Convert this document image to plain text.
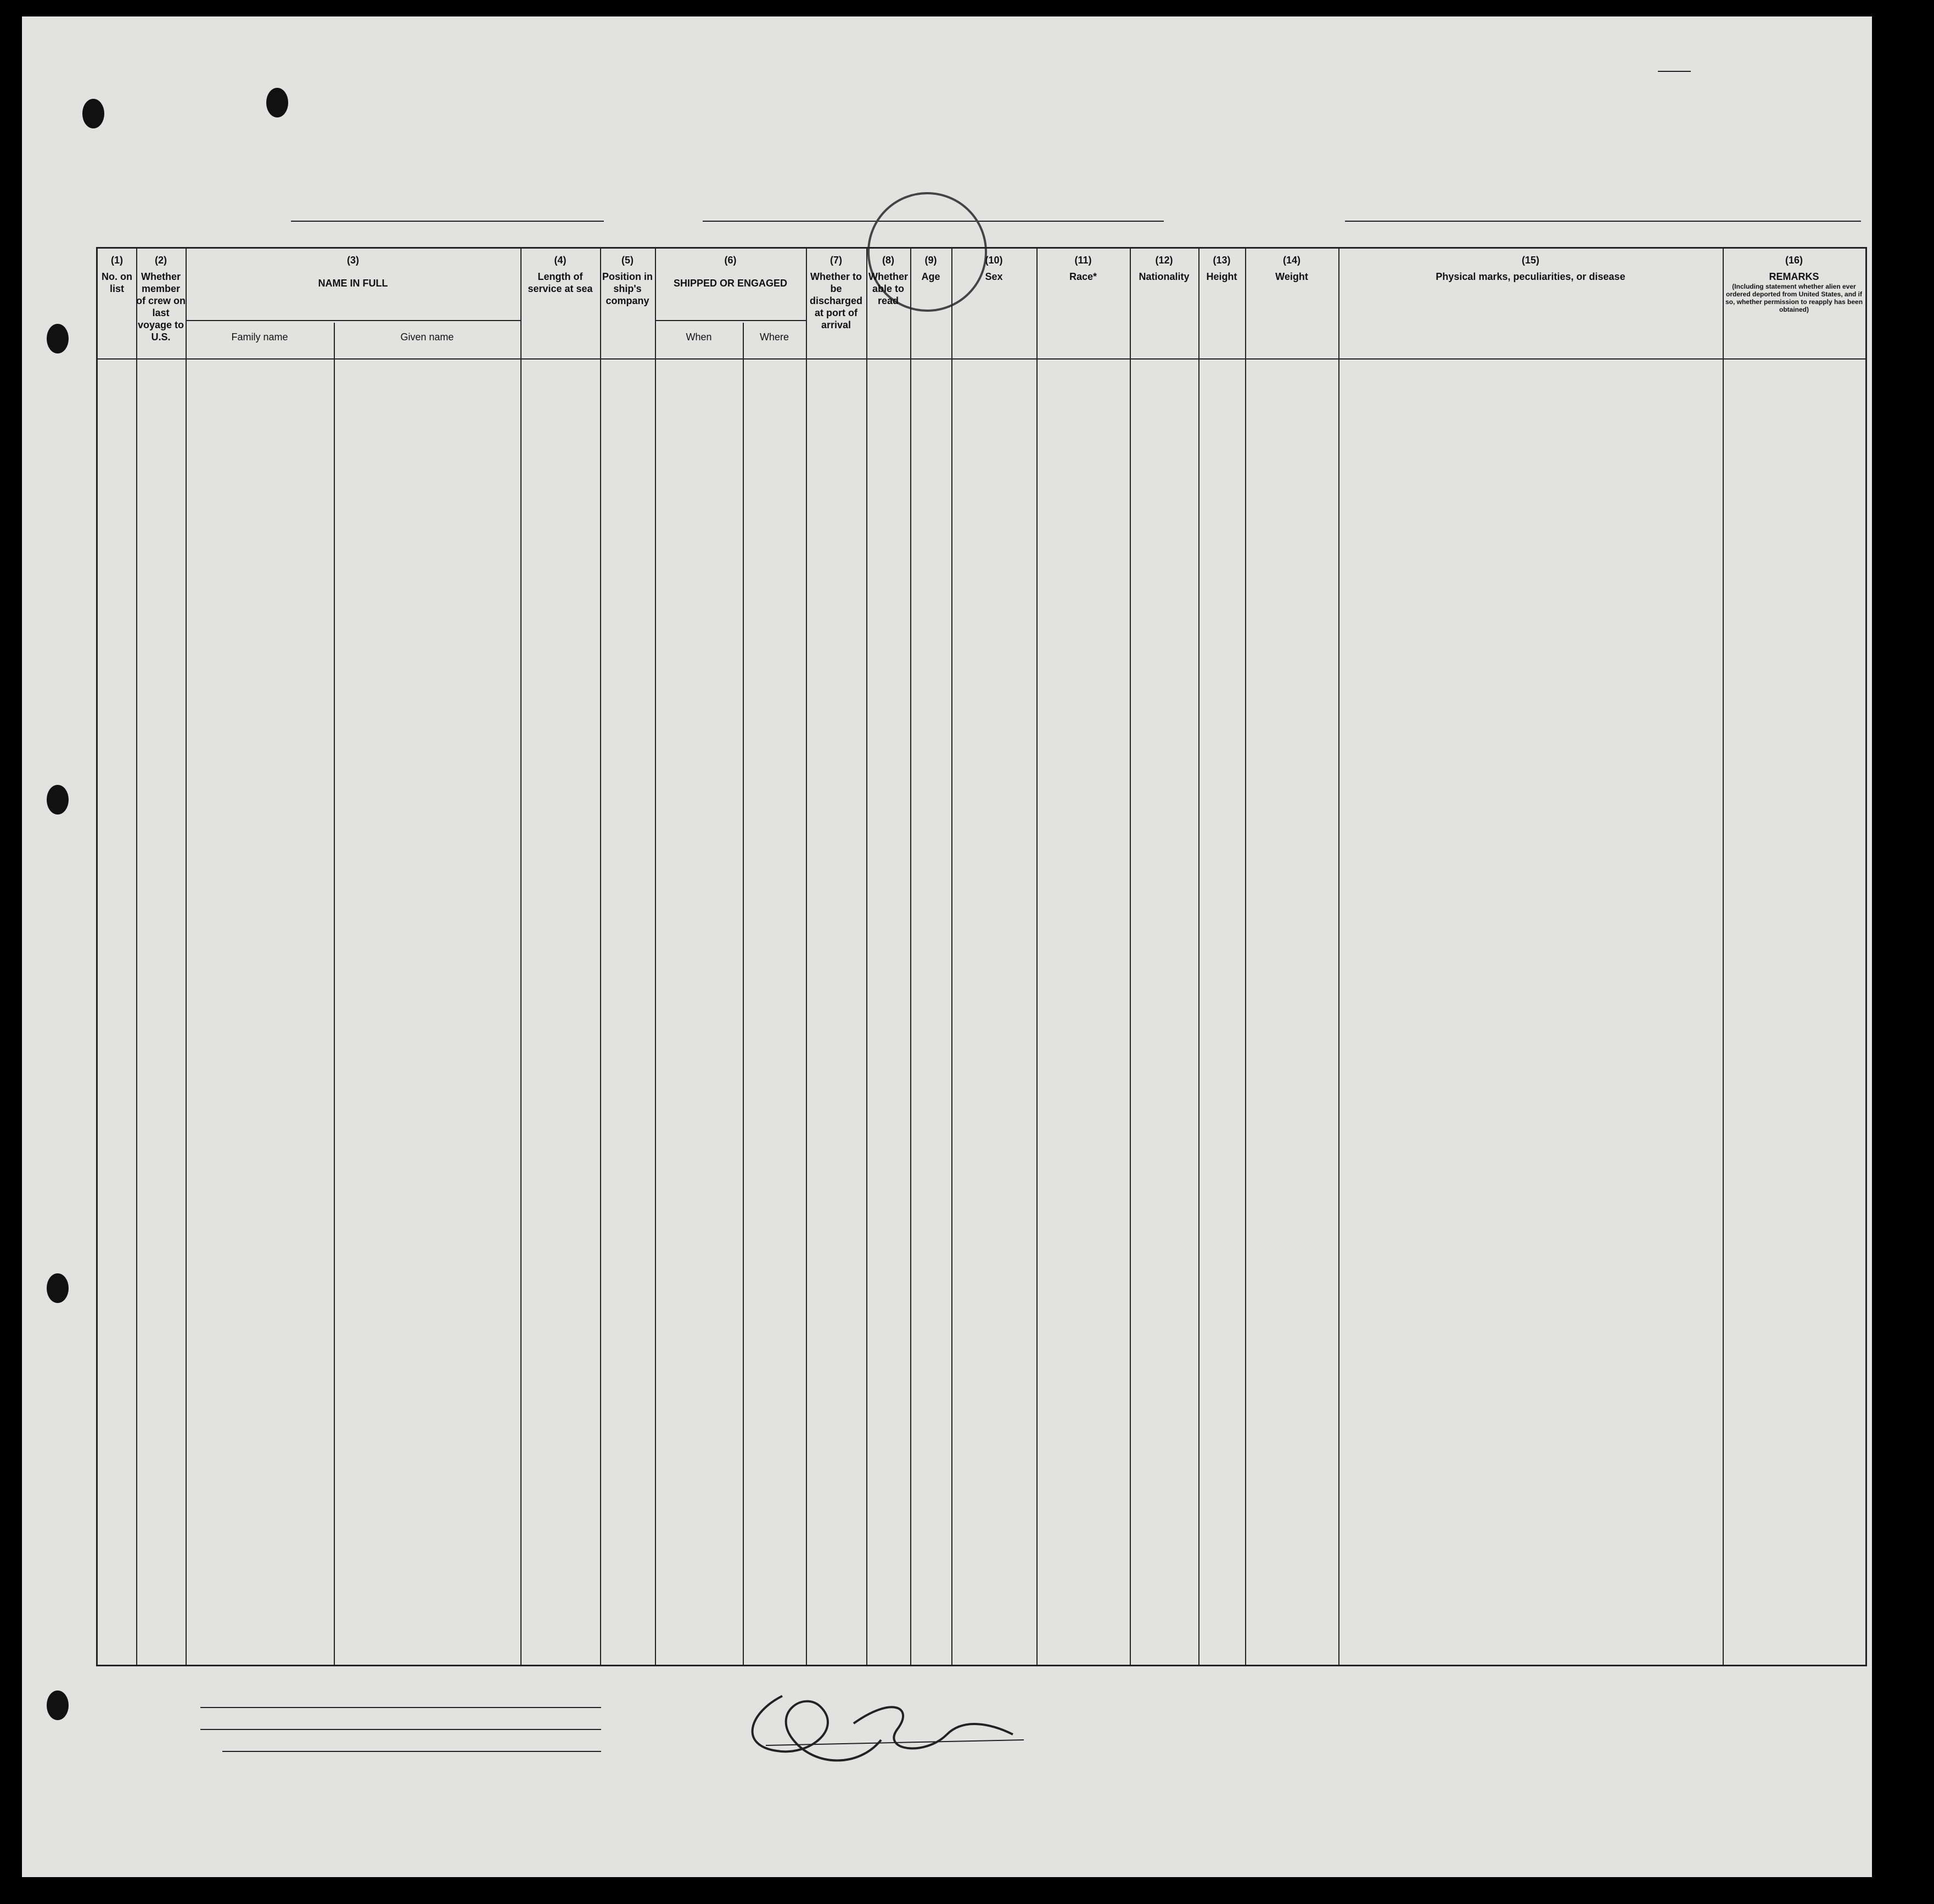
(1)
No. on list
(2)
Whether member of crew on last voyage to U.S.
(3)
NAME IN FULL
Family name	Given name
(4)
Length of service at sea
(5)
Position in ship's company
(6)
SHIPPED OR ENGAGED
When	Where
(7)
Whether to be discharged at port of arrival
(8)
Whether able to read
(9)
Age
(10)
Sex
(11)
Race*
(12)
Nationality
(13)
Height
(14)
Weight
(15)
Physical marks, peculiarities, or disease
(16)
REMARKS
(Including statement whether alien ever ordered deported from United States, and if so, whether permission to reapply has been obtained)
